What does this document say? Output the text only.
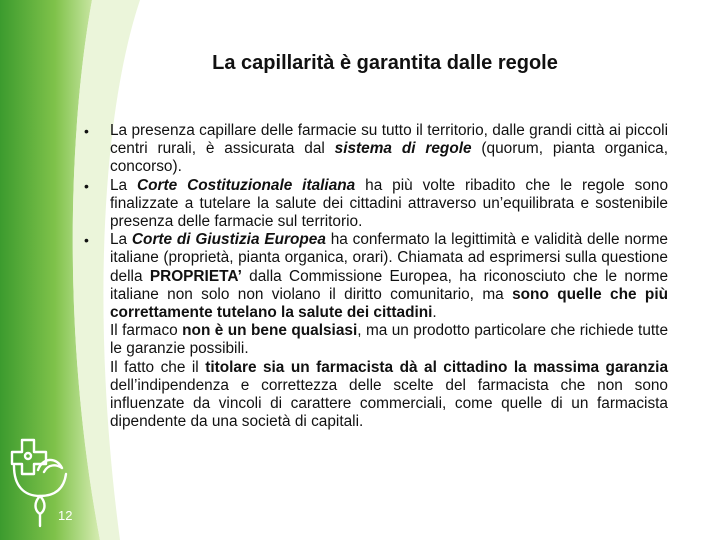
La capillarità è garantita dalle regole

• La presenza capillare delle farmacie su tutto il territorio, dalle grandi città ai piccoli centri rurali, è assicurata dal sistema di regole (quorum, pianta organica, concorso).

• La Corte Costituzionale italiana ha più volte ribadito che le regole sono finalizzate a tutelare la salute dei cittadini attraverso un’equilibrata e sostenibile presenza delle farmacie sul territorio.

• La Corte di Giustizia Europea ha confermato la legittimità e validità delle norme italiane (proprietà, pianta organica, orari). Chiamata ad esprimersi sulla questione della PROPRIETA’ dalla Commissione Europea, ha riconosciuto che le norme italiane non solo non violano il diritto comunitario, ma sono quelle che più correttamente tutelano la salute dei cittadini.

Il farmaco non è un bene qualsiasi, ma un prodotto particolare che richiede tutte le garanzie possibili.

Il fatto che il titolare sia un farmacista dà al cittadino la massima garanzia dell’indipendenza e correttezza delle scelte del farmacista che non sono influenzate da vincoli di carattere commerciali, come quelle di un farmacista dipendente da una società di capitali.

12
